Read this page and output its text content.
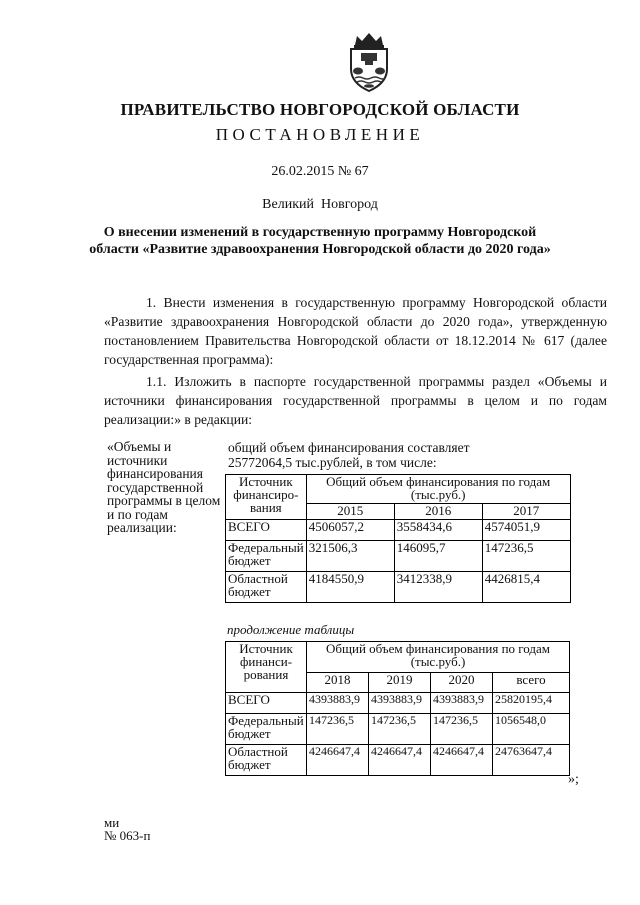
ПРАВИТЕЛЬСТВО НОВГОРОДСКОЙ ОБЛАСТИ
ПОСТАНОВЛЕНИЕ
26.02.2015 № 67
Великий  Новгород
О внесении изменений в государственную программу Новгородской
области «Развитие здравоохранения Новгородской области до 2020 года»
1. Внести изменения в государственную программу Новгородской области «Развитие здравоохранения Новгородской области до 2020 года», утвержденную постановлением Правительства Новгородской области от 18.12.2014 № 617 (далее государственная программа):
1.1. Изложить в паспорте государственной программы раздел «Объемы и источники финансирования государственной программы в целом и по годам реализации:» в редакции:
«Объемы и источники финансирования государственной программы в целом и по годам реализации:
общий объем финансирования составляет
25772064,5 тыс.рублей, в том числе:
Источник финансиро-вания	Общий объем финансирования по годам (тыс.руб.)		
	2015	2016	2017
ВСЕГО	4506057,2	3558434,6	4574051,9
Федеральный бюджет	321506,3	146095,7	147236,5
Областной бюджет	4184550,9	3412338,9	4426815,4
продолжение таблицы
Источник финанси-рования	Общий объем финансирования по годам (тыс.руб.)			
	2018	2019	2020	всего
ВСЕГО	4393883,9	4393883,9	4393883,9	25820195,4
Федеральный бюджет	147236,5	147236,5	147236,5	1056548,0
Областной бюджет	4246647,4	4246647,4	4246647,4	24763647,4
»;
ми
№ 063-п
